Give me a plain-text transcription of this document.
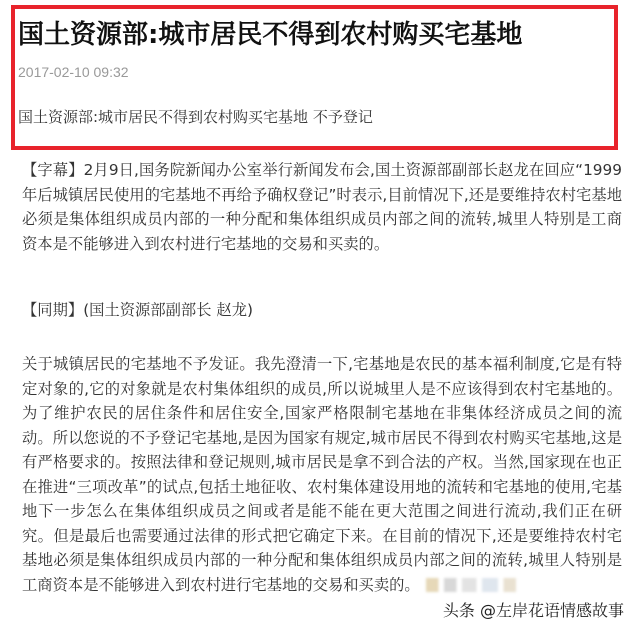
国土资源部:城市居民不得到农村购买宅基地
2017-02-10 09:32
国土资源部:城市居民不得到农村购买宅基地 不予登记

【字幕】2月9日,国务院新闻办公室举行新闻发布会,国土资源部副部长赵龙在回应“1999年后城镇居民使用的宅基地不再给予确权登记”时表示,目前情况下,还是要维持农村宅基地必须是集体组织成员内部的一种分配和集体组织成员内部之间的流转,城里人特别是工商资本是不能够进入到农村进行宅基地的交易和买卖的。

【同期】(国土资源部副部长 赵龙)

关于城镇居民的宅基地不予发证。我先澄清一下,宅基地是农民的基本福利制度,它是有特定对象的,它的对象就是农村集体组织的成员,所以说城里人是不应该得到农村宅基地的。为了维护农民的居住条件和居住安全,国家严格限制宅基地在非集体经济成员之间的流动。所以您说的不予登记宅基地,是因为国家有规定,城市居民不得到农村购买宅基地,这是有严格要求的。按照法律和登记规则,城市居民是拿不到合法的产权。当然,国家现在也正在推进“三项改革”的试点,包括土地征收、农村集体建设用地的流转和宅基地的使用,宅基地下一步怎么在集体组织成员之间或者是能不能在更大范围之间进行流动,我们正在研究。但是最后也需要通过法律的形式把它确定下来。在目前的情况下,还是要维持农村宅基地必须是集体组织成员内部的一种分配和集体组织成员内部之间的流转,城里人特别是工商资本是不能够进入到农村进行宅基地的交易和买卖的。
头条 @左岸花语情感故事
